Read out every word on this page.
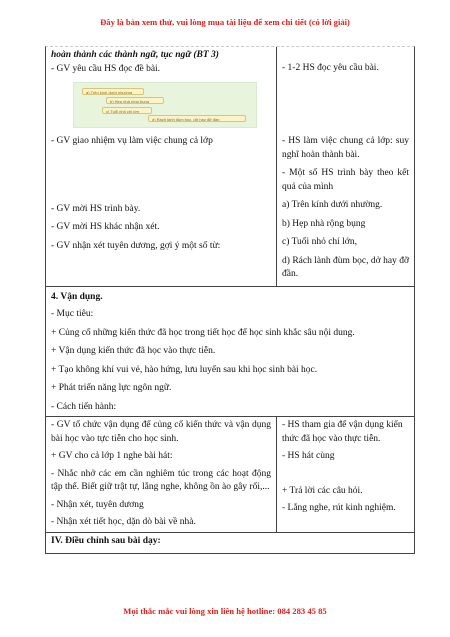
Đây là bản xem thử, vui lòng mua tài liệu để xem chi tiết (có lời giải)

hoàn thành các thành ngữ, tục ngữ (BT 3)

- GV yêu cầu HS đọc đề bài.

a) Trên kính dưới nhường
b) Hẹp nhà rộng bụng
c) Tuổi nhỏ chí lớn
d) Rách lành đùm bọc, dở hay đỡ đần

- 1-2 HS đọc yêu cầu bài.

- GV giao nhiệm vụ làm việc chung cả lớp

- GV mời HS trình bày.

- GV mời HS khác nhận xét.

- GV nhận xét tuyên dương, gợi ý một số từ:

- HS làm việc chung cả lớp: suy nghĩ hoàn thành bài.

- Một số HS trình bày theo kết quả của mình

a) Trên kính dưới nhường.

b) Hẹp nhà rộng bụng

c) Tuổi nhỏ chí lớn,

d) Rách lành đùm bọc, dở hay đỡ đần.

4. Vận dụng.

- Mục tiêu:

+ Củng cố những kiến thức đã học trong tiết học để học sinh khắc sâu nội dung.

+ Vận dụng kiến thức đã học vào thực tiễn.

+ Tạo không khí vui vẻ, hào hứng, lưu luyến sau khi học sinh bài học.

+ Phát triển năng lực ngôn ngữ.

- Cách tiến hành:

- GV tổ chức vận dụng để củng cố kiến thức và vận dụng bài học vào tực tiễn cho học sinh.

+ GV cho cả lớp 1 nghe bài hát:

- Nhắc nhở các em cần nghiêm túc trong các hoạt động tập thể. Biết giữ trật tự, lắng nghe, không ồn ào gây rối,...

- Nhận xét, tuyên dương

- Nhận xét tiết học, dặn dò bài về nhà.

- HS tham gia để vận dụng kiến thức đã học vào thực tiễn.

- HS hát cùng

+ Trả lời các câu hỏi.

- Lắng nghe, rút kinh nghiệm.

IV. Điều chỉnh sau bài dạy:

Mọi thắc mắc vui lòng xin liên hệ hotline: 084 283 45 85
